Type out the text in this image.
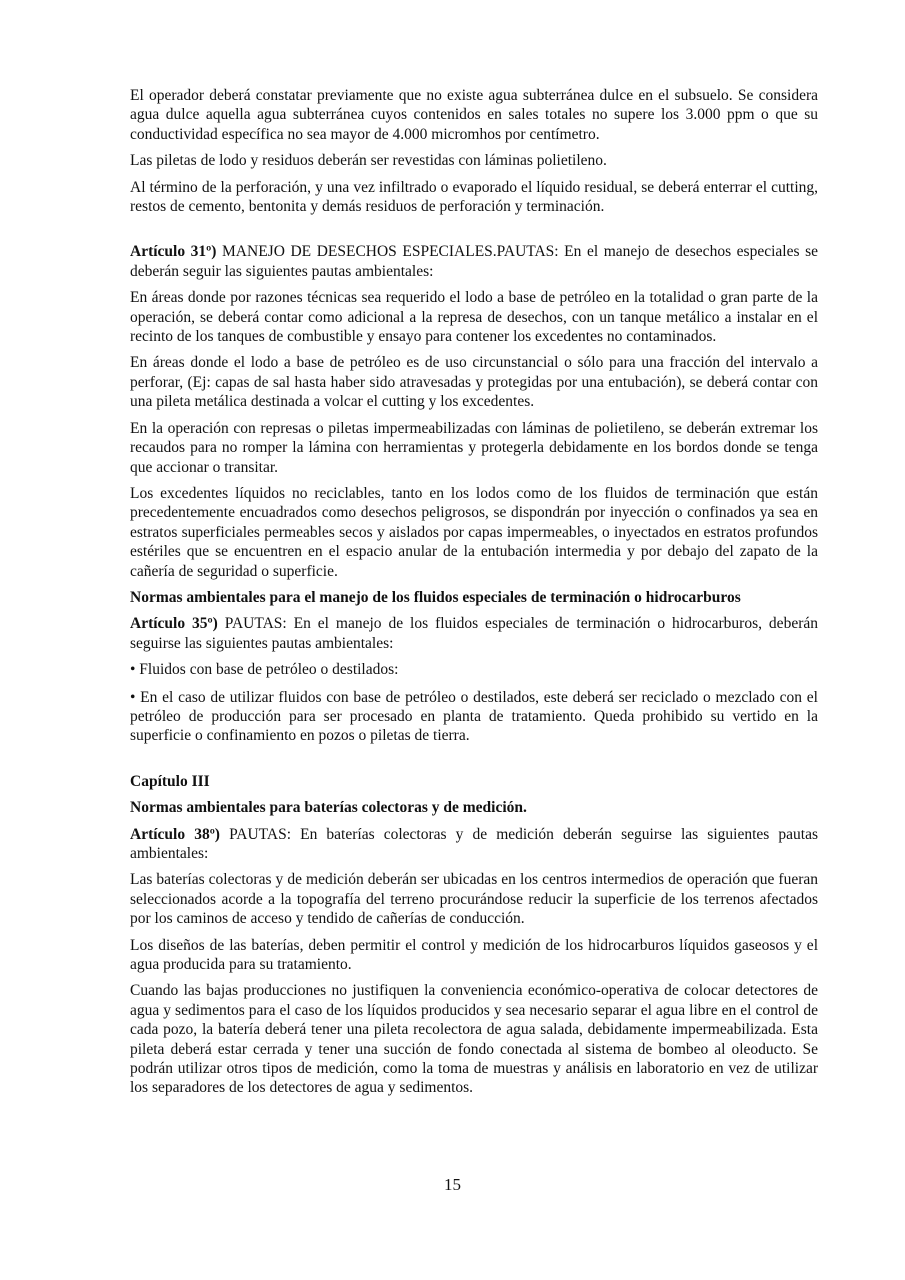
El operador deberá constatar previamente que no existe agua subterránea dulce en el subsuelo. Se considera agua dulce aquella agua subterránea cuyos contenidos en sales totales no supere los 3.000 ppm o que su conductividad específica no sea mayor de 4.000 micromhos por centímetro.

Las piletas de lodo y residuos deberán ser revestidas con láminas polietileno.

Al término de la perforación, y una vez infiltrado o evaporado el líquido residual, se deberá enterrar el cutting, restos de cemento, bentonita y demás residuos de perforación y terminación.

Artículo 31º) MANEJO DE DESECHOS ESPECIALES.PAUTAS: En el manejo de desechos especiales se deberán seguir las siguientes pautas ambientales:

En áreas donde por razones técnicas sea requerido el lodo a base de petróleo en la totalidad o gran parte de la operación, se deberá contar como adicional a la represa de desechos, con un tanque metálico a instalar en el recinto de los tanques de combustible y ensayo para contener los excedentes no contaminados.

En áreas donde el lodo a base de petróleo es de uso circunstancial o sólo para una fracción del intervalo a perforar, (Ej: capas de sal hasta haber sido atravesadas y protegidas por una entubación), se deberá contar con una pileta metálica destinada a volcar el cutting y los excedentes.

En la operación con represas o piletas impermeabilizadas con láminas de polietileno, se deberán extremar los recaudos para no romper la lámina con herramientas y protegerla debidamente en los bordos donde se tenga que accionar o transitar.

Los excedentes líquidos no reciclables, tanto en los lodos como de los fluidos de terminación que están precedentemente encuadrados como desechos peligrosos, se dispondrán por inyección o confinados ya sea en estratos superficiales permeables secos y aislados por capas impermeables, o inyectados en estratos profundos estériles que se encuentren en el espacio anular de la entubación intermedia y por debajo del zapato de la cañería de seguridad o superficie.

Normas ambientales para el manejo de los fluidos especiales de terminación o hidrocarburos

Artículo 35º) PAUTAS: En el manejo de los fluidos especiales de terminación o hidrocarburos, deberán seguirse las siguientes pautas ambientales:

• Fluidos con base de petróleo o destilados:

• En el caso de utilizar fluidos con base de petróleo o destilados, este deberá ser reciclado o mezclado con el petróleo de producción para ser procesado en planta de tratamiento. Queda prohibido su vertido en la superficie o confinamiento en pozos o piletas de tierra.

Capítulo III

Normas ambientales para baterías colectoras y de medición.

Artículo 38º) PAUTAS: En baterías colectoras y de medición deberán seguirse las siguientes pautas ambientales:

Las baterías colectoras y de medición deberán ser ubicadas en los centros intermedios de operación que fueran seleccionados acorde a la topografía del terreno procurándose reducir la superficie de los terrenos afectados por los caminos de acceso y tendido de cañerías de conducción.

Los diseños de las baterías, deben permitir el control y medición de los hidrocarburos líquidos gaseosos y el agua producida para su tratamiento.

Cuando las bajas producciones no justifiquen la conveniencia económico-operativa de colocar detectores de agua y sedimentos para el caso de los líquidos producidos y sea necesario separar el agua libre en el control de cada pozo, la batería deberá tener una pileta recolectora de agua salada, debidamente impermeabilizada. Esta pileta deberá estar cerrada y tener una succión de fondo conectada al sistema de bombeo al oleoducto. Se podrán utilizar otros tipos de medición, como la toma de muestras y análisis en laboratorio en vez de utilizar los separadores de los detectores de agua y sedimentos.

15
